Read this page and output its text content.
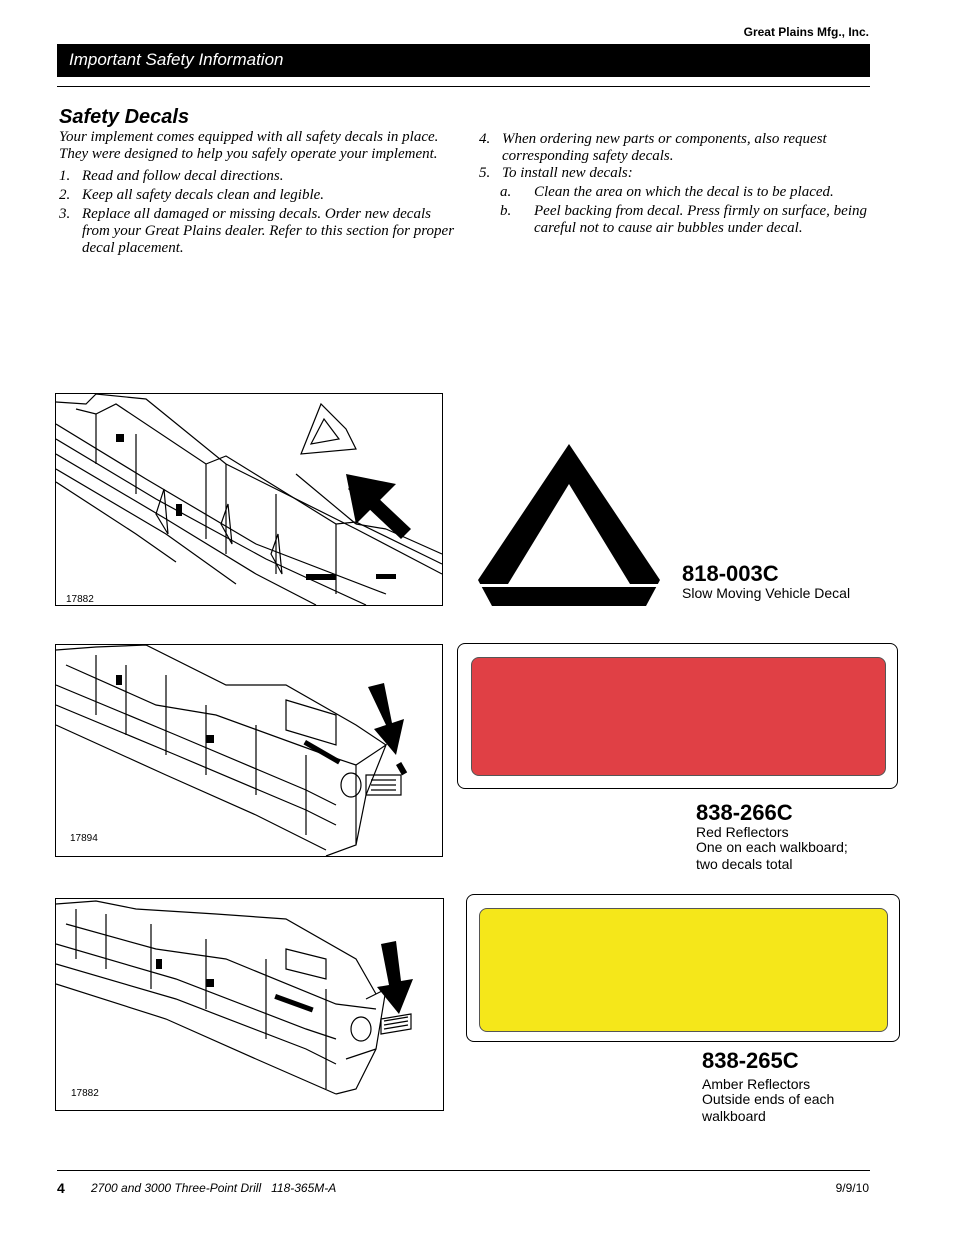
Great Plains Mfg., Inc.
Important Safety Information
Safety Decals
Your implement comes equipped with all safety decals in place. They were designed to help you safely operate your implement.
1. Read and follow decal directions.
2. Keep all safety decals clean and legible.
3. Replace all damaged or missing decals. Order new decals from your Great Plains dealer. Refer to this section for proper decal placement.
4. When ordering new parts or components, also request corresponding safety decals.
5. To install new decals:
a. Clean the area on which the decal is to be placed.
b. Peel backing from decal. Press firmly on surface, being careful not to cause air bubbles under decal.
17882
818-003C
Slow Moving Vehicle Decal
17894
838-266C
Red Reflectors
One on each walkboard;
two decals total
17882
838-265C
Amber Reflectors
Outside ends of each
walkboard
4 2700 and 3000 Three-Point Drill   118-365M-A	9/9/10
